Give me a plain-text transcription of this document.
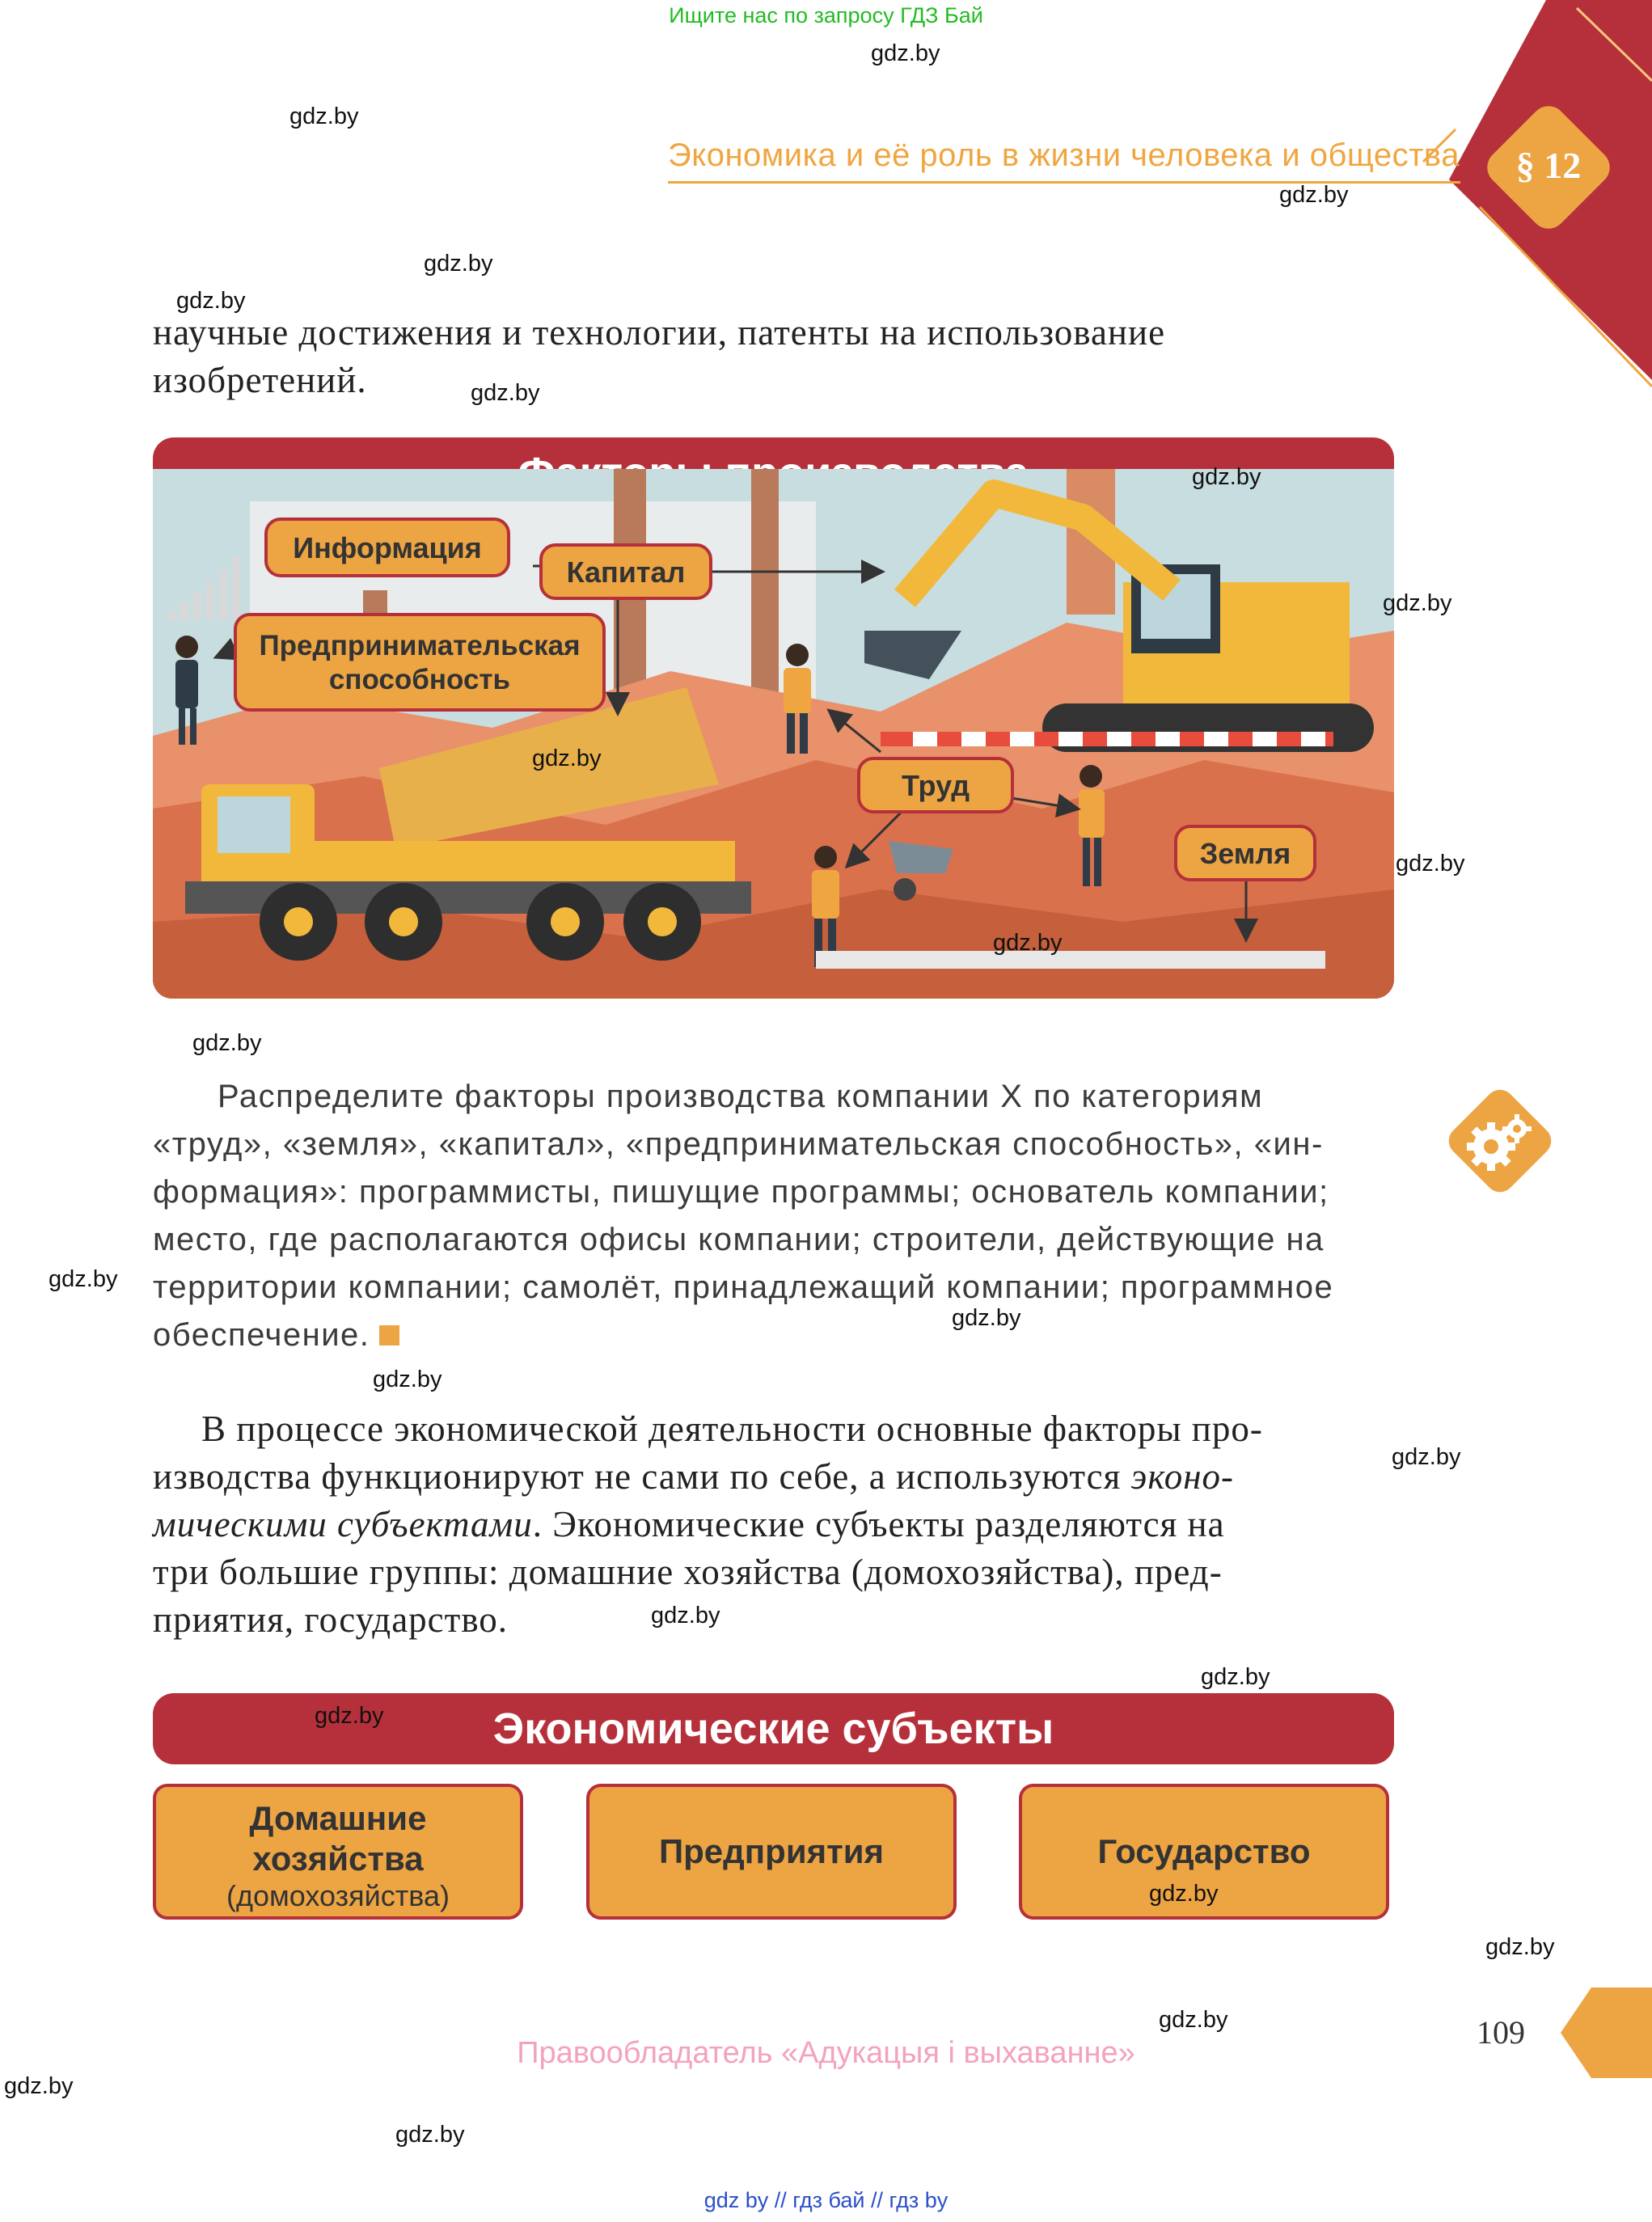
Ищите нас по запросу ГДЗ Бай
Экономика и её роль в жизни человека и общества	§ 12
научные достижения и технологии, патенты на использование
изобретений.
Информация
Капитал
Предпринимательская
способность
Труд
Земля
Распределите факторы производства компании X по категориям
«труд», «земля», «капитал», «предпринимательская способность», «ин-
формация»: программисты, пишущие программы; основатель компании;
место, где располагаются офисы компании; строители, действующие на
территории компании; самолёт, принадлежащий компании; программное
обеспечение.
В процессе экономической деятельности основные факторы про-
изводства функционируют не сами по себе, а используются эконо-
мическими субъектами. Экономические субъекты разделяются на
три большие группы: домашние хозяйства (домохозяйства), пред-
приятия, государство.
Экономические субъекты
Домашние
хозяйства
(домохозяйства)
Предприятия	Государство
109
Правообладатель «Адукацыя і выхаванне»
gdz by // гдз бай // гдз by
gdz.by
gdz.by
gdz.by
gdz.by
gdz.by
gdz.by
gdz.by
gdz.by
gdz.by
gdz.by
gdz.by
gdz.by
gdz.by
gdz.by
gdz.by
gdz.by
gdz.by
gdz.by
gdz.by
gdz.by
gdz.by
gdz.by
gdz.by
gdz.by
